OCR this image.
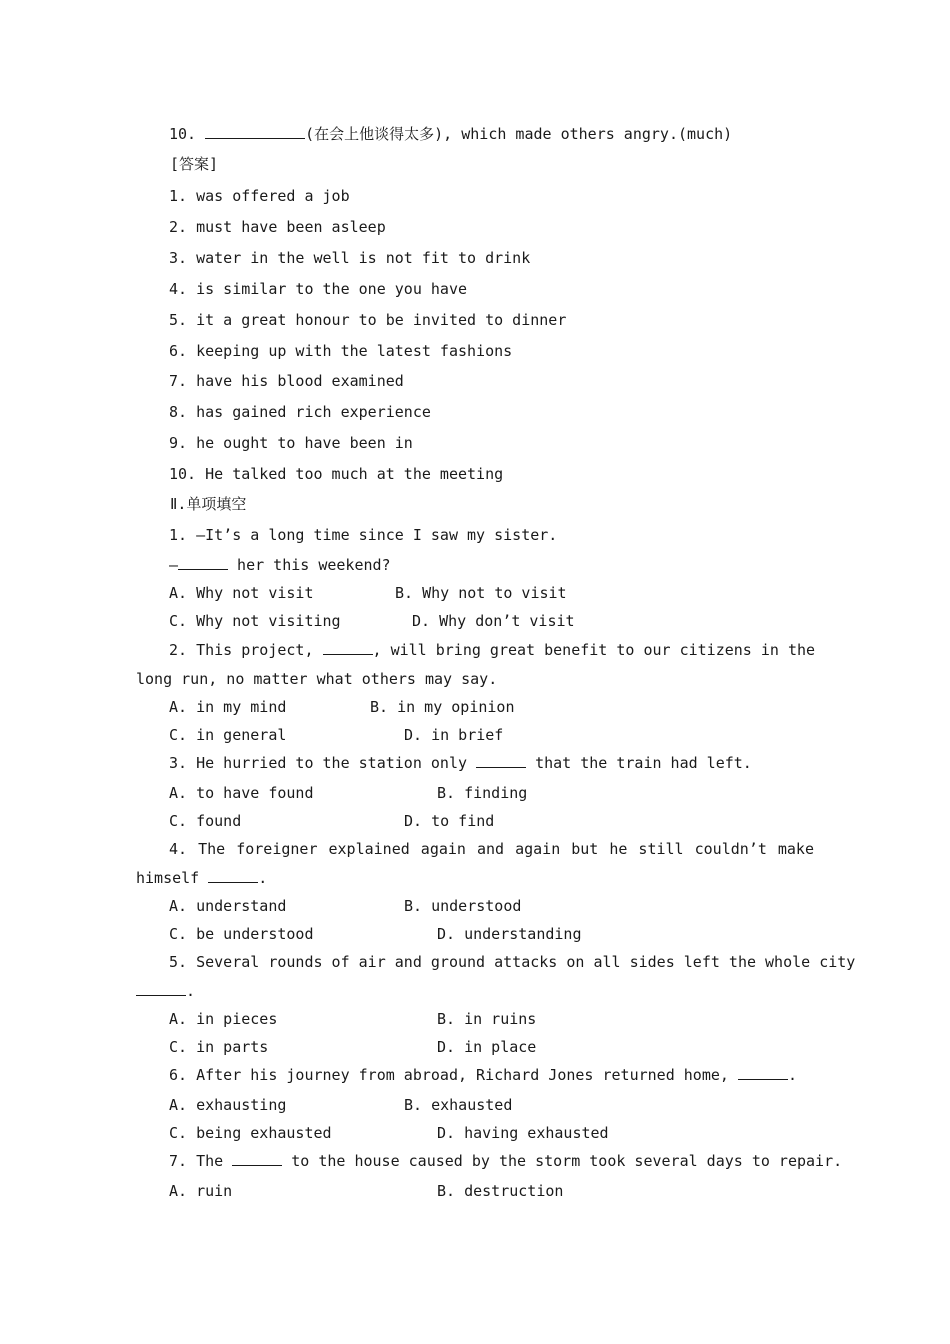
10.	(在会上他谈得太多), which made others angry.(much)
[答案]
1. was offered a job
2. must have been asleep
3. water in the well is not fit to drink
4. is similar to the one you have
5. it a great honour to be invited to dinner
6. keeping up with the latest fashions
7. have his blood examined
8. has gained rich experience
9. he ought to have been in
10. He talked too much at the meeting
Ⅱ.单项填空
1. —It’s a long time since I saw my sister.
—	her this weekend?
A. Why not visit	B. Why not to visit
C. Why not visiting	D. Why don’t visit
2. This project,	, will bring great benefit to our citizens in the
long run, no matter what others may say.
A. in my mind	B. in my opinion
C. in general	D. in brief
3. He hurried to the station only	that the train had left.
A. to have found	B. finding
C. found	D. to find
4. The foreigner explained again and again but he still couldn’t make
himself	.
A. understand	B. understood
C. be understood	D. understanding
5. Several rounds of air and ground attacks on all sides left the whole city
.
A. in pieces	B. in ruins
C. in parts	D. in place
6. After his journey from abroad, Richard Jones returned home,	.
A. exhausting	B. exhausted
C. being exhausted	D. having exhausted
7. The	to the house caused by the storm took several days to repair.
A. ruin	B. destruction
